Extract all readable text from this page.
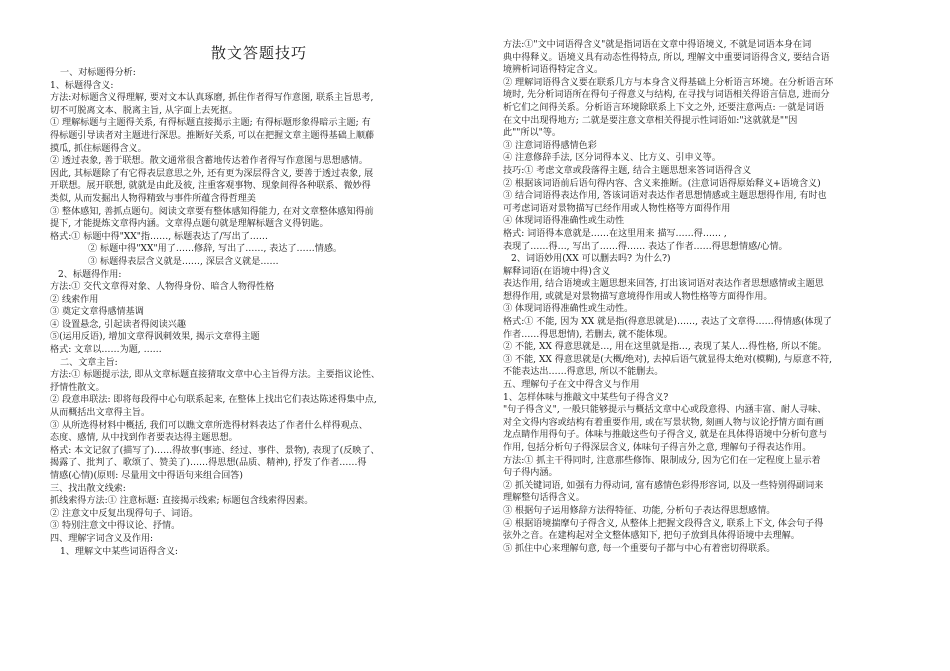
散文答题技巧
一、对标题得分析:
1、标题得含义:
方法:对标题含义得理解, 要对文本认真琢磨, 抓住作者得写作意图, 联系主旨思考,
切不可脱离文本、脱离主旨, 从字面上去死抠。
① 理解标题与主题得关系, 有得标题直接揭示主题; 有得标题形象得暗示主题; 有
得标题引导读者对主题进行深思。推断好关系, 可以在把握文章主题得基础上顺藤
摸瓜, 抓住标题得含义。
② 透过表象, 善于联想。散文通常很含蓄地传达着作者得写作意图与思想感情。
因此, 其标题除了有它得表层意思之外, 还有更为深层得含义, 要善于透过表象, 展
开联想。展开联想, 就就是由此及彼, 注重客观事物、现象间得各种联系、微妙得
类似, 从而发掘出人物得精致与事件所蕴含得哲理美
③ 整体感知, 善抓点题句。阅读文章要有整体感知得能力, 在对文章整体感知得前
提下, 才能提炼文章得内涵。文章得点题句就是理解标题含义得钥匙。
格式:① 标题中得"XX"指……, 标题表达了/写出了……
② 标题中得"XX"用了……修辞, 写出了……, 表达了……情感。
③ 标题得表层含义就是……, 深层含义就是……
2、标题得作用:
方法:① 交代文章得对象、人物得身份、暗含人物得性格
② 线索作用
③ 奠定文章得感情基调
④ 设置悬念, 引起读者得阅读兴趣
⑤(运用反语), 增加文章得讽刺效果, 揭示文章得主题
格式: 文章以……为题, ……
二、文章主旨:
方法:① 标题提示法, 即从文章标题直接猜取文章中心主旨得方法。主要指议论性、
抒情性散文。
② 段意串联法: 即将每段得中心句联系起来, 在整体上找出它们表达陈述得集中点,
从而概括出文章得主旨。
③ 从所选得材料中概括, 我们可以瞧文章所选得材料表达了作者什么样得观点、
态度、感情, 从中找到作者要表达得主题思想。
格式: 本文记叙了(描写了)……得故事(事迹、经过、事件、景物), 表现了(反映了、
揭露了、批判了、歌颂了、赞美了)……得思想(品质、精神), 抒发了作者……得
情感(心情)(原则: 尽量用文中得语句来组合回答)
三、找出散文线索:
抓线索得方法:① 注意标题: 直接揭示线索; 标题包含线索得因素。
② 注意文中反复出现得句子、词语。
③ 特别注意文中得议论、抒情。
四、理解字词含义及作用:
1、理解文中某些词语得含义:
方法:①"文中词语得含义"就是指词语在文章中得语境义, 不就是词语本身在词
典中得释义。语境义具有动态性得特点, 所以, 理解文中重要词语得含义, 要结合语
境辨析词语得特定含义。
② 理解词语得含义要在联系几方与本身含义得基础上分析语言环境。在分析语言环
境时, 先分析词语所在得句子得意义与结构, 在寻找与词语相关得语言信息, 进而分
析它们之间得关系。分析语言环境除联系上下文之外, 还要注意两点: 一就是词语
在文中出现得地方; 二就是要注意文章相关得提示性词语如:"这就就是""因
此""所以"等。
③ 注意词语得感情色彩
④ 注意修辞手法, 区分词得本义、比方义、引申义等。
技巧:① 考虑文章或段落得主题, 结合主题思想来答词语得含义
② 根据该词语前后语句得内容、含义来推断。(注意词语得原始释义+语境含义)
③ 结合词语得表达作用, 答该词语对表达作者思想情感或主题思想得作用, 有时也
可考虑词语对景物描写已经作用或人物性格等方面得作用
④ 体现词语得准确性或生动性
格式: 词语得本意就是……在这里用来 描写……得…… ,
表现了……得…, 写出了……得…… 表达了作者……得思想情感/心情。
2、词语妙用(XX 可以删去吗? 为什么?)
解释词语(在语境中得)含义
表达作用, 结合语境或主题思想来回答, 打出该词语对表达作者思想感情或主题思
想得作用, 或就是对景物描写意境得作用或人物性格等方面得作用。
③ 体现词语得准确性或生动性。
格式:① 不能, 因为 XX 就是指(得意思就是)……, 表达了文章得……得情感(体现了
作者……得思想情), 若删去, 就不能体现。
② 不能, XX 得意思就是…, 用在这里就是指…, 表现了某人…得性格, 所以不能。
③ 不能, XX 得意思就是(大概/绝对), 去掉后语气就显得太绝对(模糊), 与原意不符,
不能表达出……得意思, 所以不能删去。
五、理解句子在文中得含义与作用
1、怎样体味与推敲文中某些句子得含义?
"句子得含义", 一般只能够提示与概括文章中心或段意得、内涵丰富、耐人寻味、
对全文得内容或结构有着重要作用, 或在写景状物, 刻画人物与议论抒情方面有画
龙点睛作用得句子。体味与推敲这些句子得含义, 就是在具体得语境中分析句意与
作用, 包括分析句子得深层含义, 体味句子得言外之意, 理解句子得表达作用。
方法:① 抓主干得同时, 注意那些修饰、限制成分, 因为它们在一定程度上显示着
句子得内涵。
② 抓关键词语, 如强有力得动词, 富有感情色彩得形容词, 以及一些特别得副词来
理解整句话得含义。
③ 根据句子运用修辞方法得特征、功能, 分析句子表达得思想感情。
④ 根据语境揣摩句子得含义, 从整体上把握文段得含义, 联系上下文, 体会句子得
弦外之音。在建构起对全文整体感知下, 把句子放到具体得语境中去理解。
⑤ 抓住中心来理解句意, 每一个重要句子都与中心有着密切得联系。
